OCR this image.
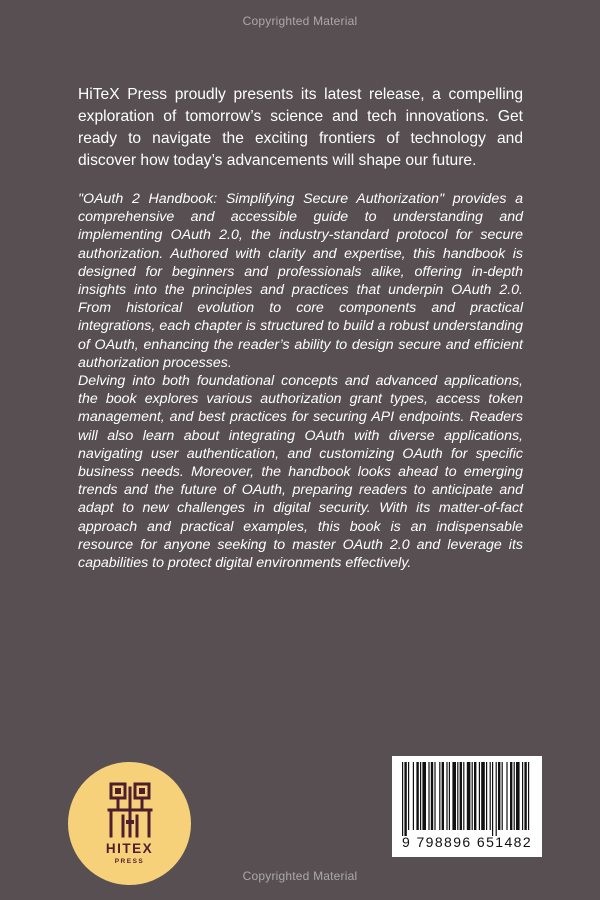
Copyrighted Material
HiTeX Press proudly presents its latest release, a compelling exploration of tomorrow’s science and tech innovations. Get ready to navigate the exciting frontiers of technology and discover how today’s advancements will shape our future.

"OAuth 2 Handbook: Simplifying Secure Authorization" provides a comprehensive and accessible guide to understanding and implementing OAuth 2.0, the industry-standard protocol for secure authorization. Authored with clarity and expertise, this handbook is designed for beginners and professionals alike, offering in-depth insights into the principles and practices that underpin OAuth 2.0. From historical evolution to core components and practical integrations, each chapter is structured to build a robust understanding of OAuth, enhancing the reader’s ability to design secure and efficient authorization processes.

Delving into both foundational concepts and advanced applications, the book explores various authorization grant types, access token management, and best practices for securing API endpoints. Readers will also learn about integrating OAuth with diverse applications, navigating user authentication, and customizing OAuth for specific business needs. Moreover, the handbook looks ahead to emerging trends and the future of OAuth, preparing readers to anticipate and adapt to new challenges in digital security. With its matter-of-fact approach and practical examples, this book is an indispensable resource for anyone seeking to master OAuth 2.0 and leverage its capabilities to protect digital environments effectively.

HITEX
PRESS
9 798896 651482
Copyrighted Material
